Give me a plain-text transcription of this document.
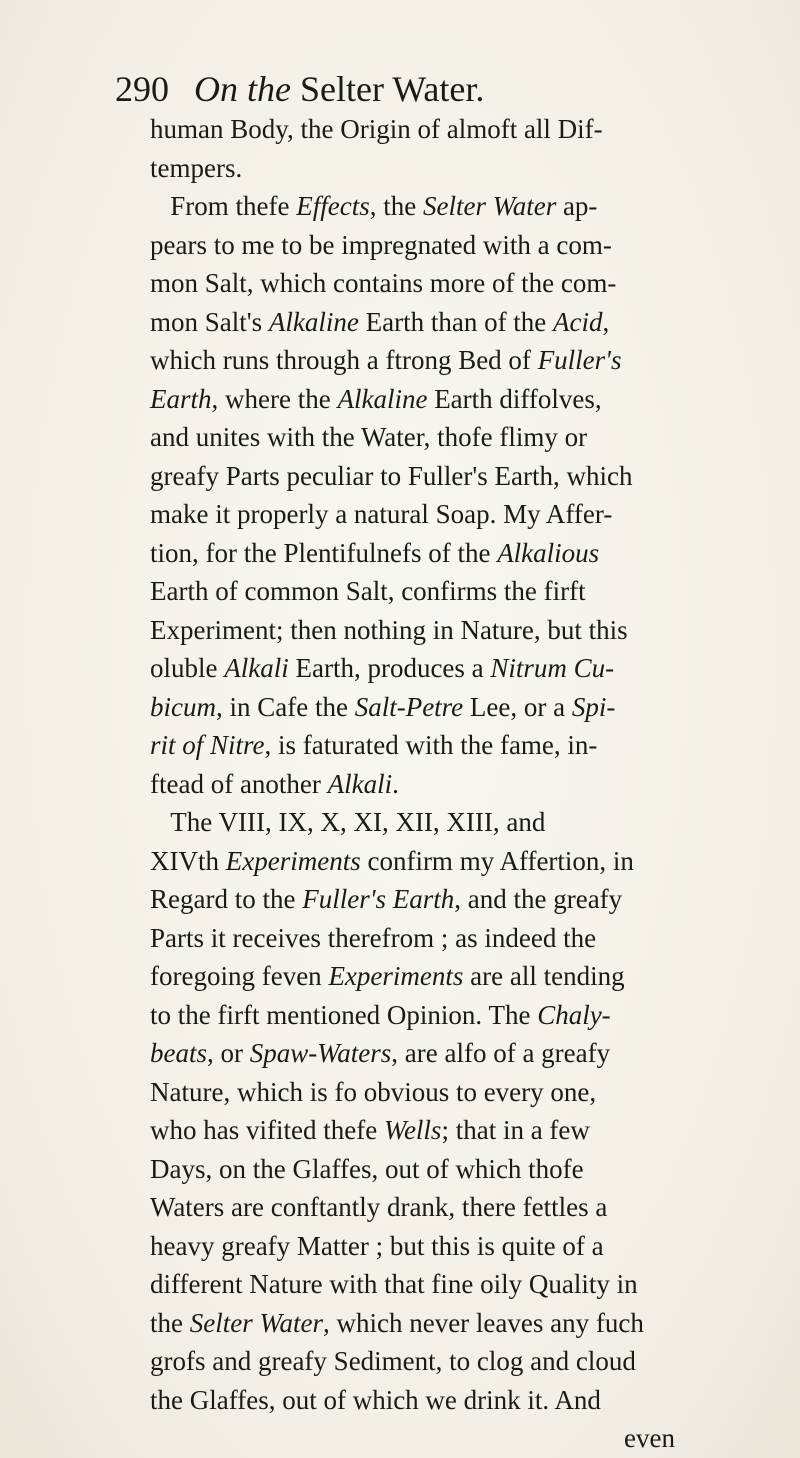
290 On the Selter Water.
human Body, the Origin of almoft all Dif-
tempers.
From thefe Effects, the Selter Water ap-
pears to me to be impregnated with a com-
mon Salt, which contains more of the com-
mon Salt's Alkaline Earth than of the Acid,
which runs through a ftrong Bed of Fuller's
Earth, where the Alkaline Earth diffolves,
and unites with the Water, thofe flimy or
greafy Parts peculiar to Fuller's Earth, which
make it properly a natural Soap. My Affer-
tion, for the Plentifulnefs of the Alkalious
Earth of common Salt, confirms the firft
Experiment; then nothing in Nature, but this
oluble Alkali Earth, produces a Nitrum Cu-
bicum, in Cafe the Salt-Petre Lee, or a Spi-
rit of Nitre, is faturated with the fame, in-
ftead of another Alkali.
The VIII, IX, X, XI, XII, XIII, and
XIVth Experiments confirm my Affertion, in
Regard to the Fuller's Earth, and the greafy
Parts it receives therefrom ; as indeed the
foregoing feven Experiments are all tending
to the firft mentioned Opinion. The Chaly-
beats, or Spaw-Waters, are alfo of a greafy
Nature, which is fo obvious to every one,
who has vifited thefe Wells; that in a few
Days, on the Glaffes, out of which thofe
Waters are conftantly drank, there fettles a
heavy greafy Matter ; but this is quite of a
different Nature with that fine oily Quality in
the Selter Water, which never leaves any fuch
grofs and greafy Sediment, to clog and cloud
the Glaffes, out of which we drink it. And
even
